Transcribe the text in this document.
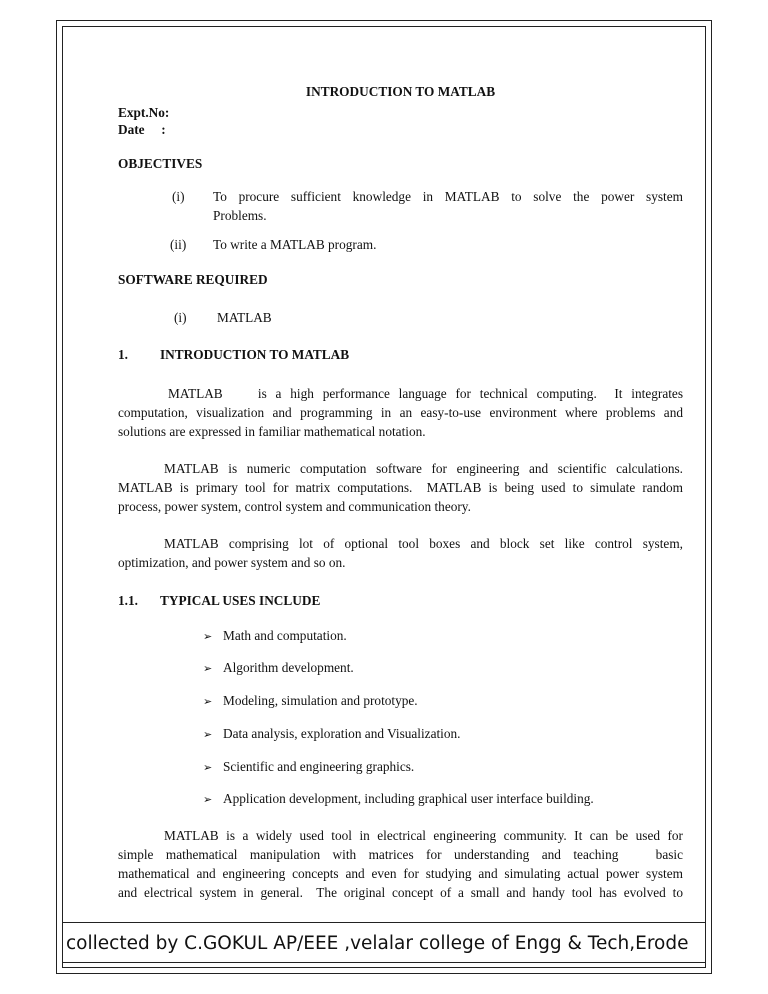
INTRODUCTION TO MATLAB
Expt.No:
Date     :
OBJECTIVES
(i) To procure sufficient knowledge in MATLAB to solve the power system
Problems.
(ii) To write a MATLAB program.
SOFTWARE REQUIRED
(i) MATLAB
1. INTRODUCTION TO MATLAB
MATLAB    is a high performance language for technical computing.  It integrates
computation, visualization and programming in an easy-to-use environment where problems and
solutions are expressed in familiar mathematical notation.
MATLAB is numeric computation software for engineering and scientific calculations.
MATLAB is primary tool for matrix computations.  MATLAB is being used to simulate random
process, power system, control system and communication theory.
MATLAB comprising lot of optional tool boxes and block set like control system,
optimization, and power system and so on.
1.1. TYPICAL USES INCLUDE
➢ Math and computation.
➢ Algorithm development.
➢ Modeling, simulation and prototype.
➢ Data analysis, exploration and Visualization.
➢ Scientific and engineering graphics.
➢ Application development, including graphical user interface building.
MATLAB is a widely used tool in electrical engineering community. It can be used for
simple mathematical manipulation with matrices for understanding and teaching   basic
mathematical and engineering concepts and even for studying and simulating actual power system
and electrical system in general.  The original concept of a small and handy tool has evolved to
collected by C.GOKUL AP/EEE ,velalar college of Engg & Tech,Erode
